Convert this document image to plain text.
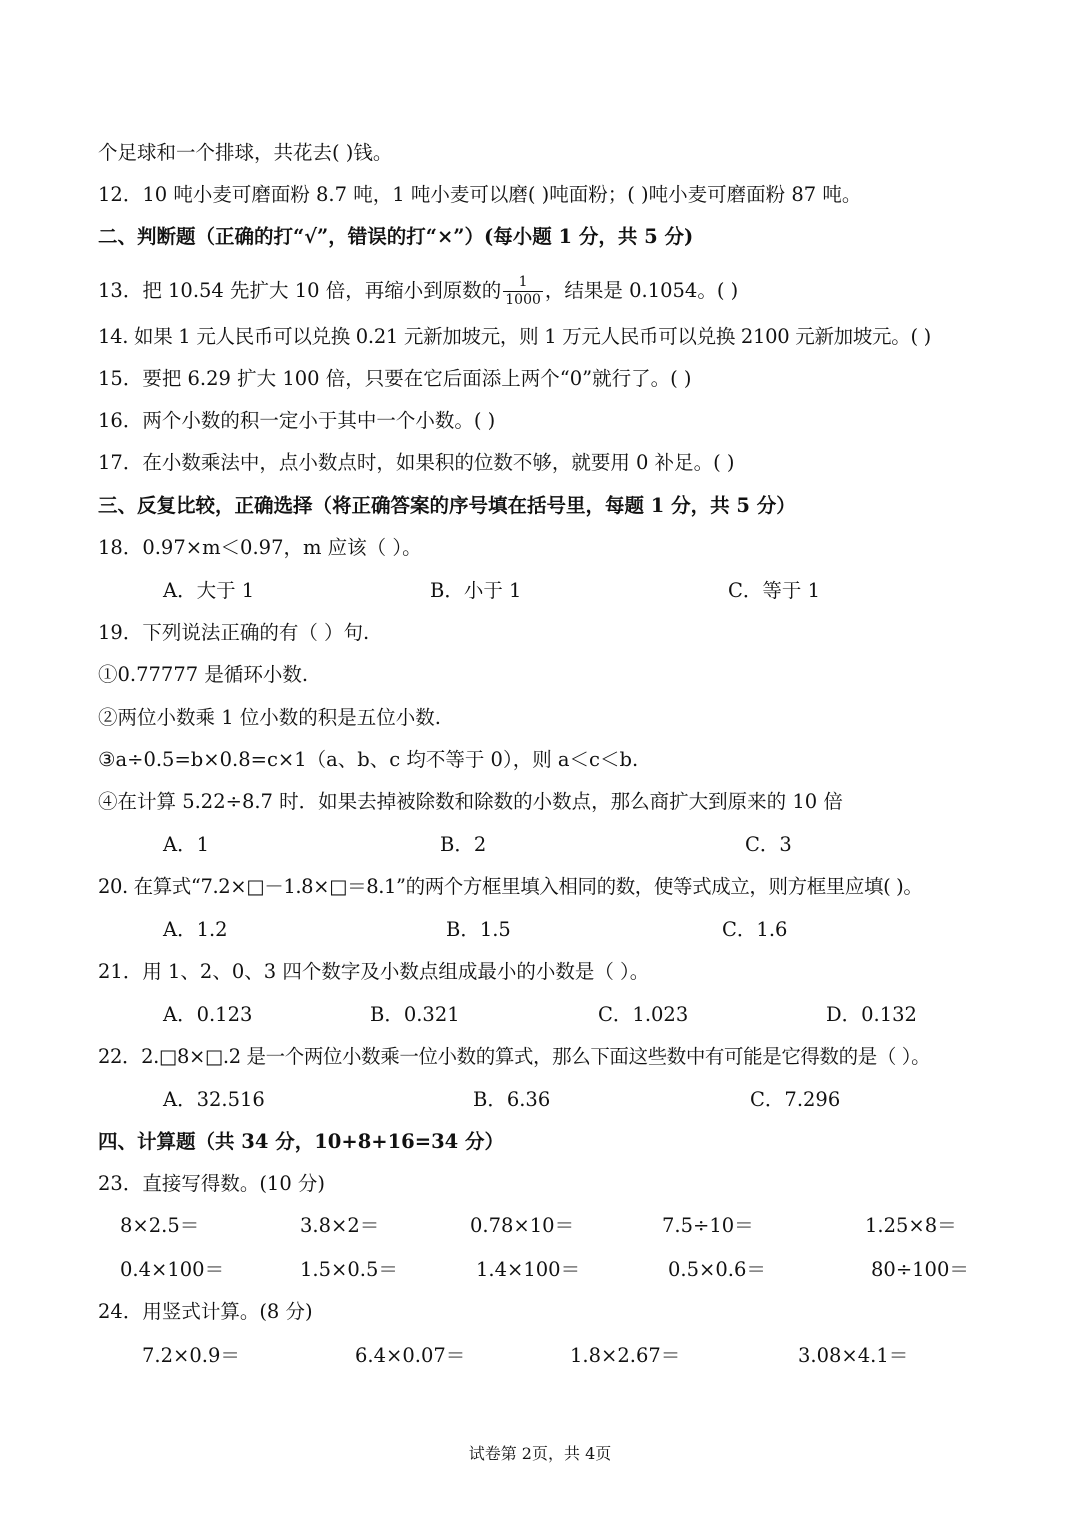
个足球和一个排球，共花去( )钱。
12．10 吨小麦可磨面粉 8.7 吨，1 吨小麦可以磨( )吨面粉；( )吨小麦可磨面粉 87 吨。
二、判断题（正确的打“√”，错误的打“×”）(每小题 1 分，共 5 分)
13．把 10.54 先扩大 10 倍，再缩小到原数的 $\frac{1}{1000}$ ，结果是 0.1054。( )
14. 如果 1 元人民币可以兑换 0.21 元新加坡元，则 1 万元人民币可以兑换 2100 元新加坡元。( )
15．要把 6.29 扩大 100 倍，只要在它后面添上两个“0”就行了。( )
16．两个小数的积一定小于其中一个小数。( )
17．在小数乘法中，点小数点时，如果积的位数不够，就要用 0 补足。( )
三、反复比较，正确选择（将正确答案的序号填在括号里，每题 1 分，共 5 分）
18．0.97×m＜0.97，m 应该（ ）。
A．大于 1	B．小于 1	C．等于 1
19．下列说法正确的有（ ）句.
①0.77777 是循环小数.
②两位小数乘 1 位小数的积是五位小数.
③a÷0.5=b×0.8=c×1（a、b、c 均不等于 0），则 a＜c＜b.
④在计算 5.22÷8.7 时．如果去掉被除数和除数的小数点，那么商扩大到原来的 10 倍
A．1	B．2	C．3
20. 在算式“7.2×□－1.8×□＝8.1”的两个方框里填入相同的数，使等式成立，则方框里应填( )。
A．1.2	B．1.5	C．1.6
21．用 1、2、0、3 四个数字及小数点组成最小的小数是（ ）。
A．0.123	B．0.321	C．1.023	D．0.132
22．2.□8×□.2 是一个两位小数乘一位小数的算式，那么下面这些数中有可能是它得数的是（ ）。
A．32.516	B．6.36	C．7.296
四、计算题（共 34 分，10+8+16=34 分）
23．直接写得数。(10 分)
8×2.5＝	3.8×2＝	0.78×10＝	7.5÷10＝	1.25×8＝
0.4×100＝	1.5×0.5＝	1.4×100＝	0.5×0.6＝	80÷100＝
24．用竖式计算。(8 分)
7.2×0.9＝	6.4×0.07＝	1.8×2.67＝	3.08×4.1＝
试卷第 2页，共 4页
